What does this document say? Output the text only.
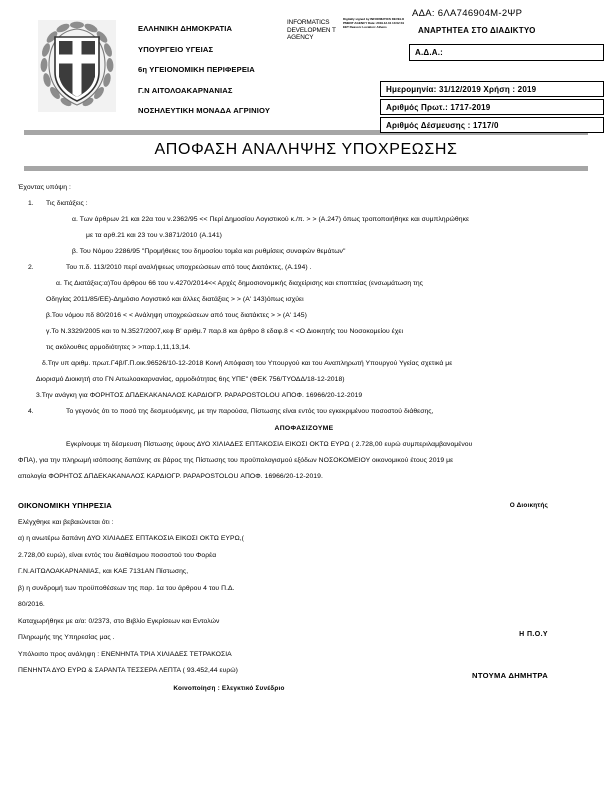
ΑΔΑ: 6ΛΑ746904Μ-2ΨΡ
ΑΝΑΡΤΗΤΕΑ ΣΤΟ ΔΙΑΔΙΚΤΥΟ
ΕΛΛΗΝΙΚΗ ΔΗΜΟΚΡΑΤΙΑ
ΥΠΟΥΡΓΕΙΟ ΥΓΕΙΑΣ
6η ΥΓΕΙΟΝΟΜΙΚΗ ΠΕΡΙΦΕΡΕΙΑ
Γ.Ν ΑΙΤΟΛΟΑΚΑΡΝΑΝΙΑΣ
ΝΟΣΗΛΕΥΤΙΚΗ ΜΟΝΑΔΑ ΑΓΡΙΝΙΟΥ
INFORMATICS DEVELOPMEN T AGENCY
Digitally signed by INFORMATICS DEVELOPMENT AGENCY Date: 2019.12.31 13:02:31 EET Reason: Location: Athens
Α.Δ.Α.:
Ημερομηνία: 31/12/2019 Χρήση : 2019
Αριθμός Πρωτ.: 1717-2019
Αριθμός Δέσμευσης : 1717/0
ΑΠΟΦΑΣΗ ΑΝΑΛΗΨΗΣ ΥΠΟΧΡΕΩΣΗΣ
Έχοντας υπόψη :
1.	Τις διατάξεις :
α. Των άρθρων 21 και 22α του ν.2362/95 << Περί Δημοσίου Λογιστικού κ./π. > > (Α.247) όπως τροποποιήθηκε και συμπληρώθηκε
με τα αρθ.21 και 23 του ν.3871/2010 (Α.141)
β. Του Νόμου 2286/95 "Προμήθειες του δημοσίου τομέα και ρυθμίσεις συναφών θεμάτων"
2.	Του π.δ. 113/2010 περί αναλήψεως υποχρεώσεων από τους Διατάκτες, (Α.194) .
α. Τις Διατάξεις:α)Του άρθρου 66 του ν.4270/2014<< Αρχές δημοσιονομικής διαχείρισης και εποπτείας (ενσωμάτωση της
Οδηγίας 2011/85/ΕΕ)-Δημόσιο Λογιστικό και άλλες διατάξεις > > (Α' 143)όπως ισχύει
β.Του νόμου πδ 80/2016 < < Ανάληψη υποχρεώσεων από τους διατάκτες > > (Α' 145)
γ.Το Ν.3329/2005 και το Ν.3527/2007,κεφ Β' αριθμ.7 παρ.8 και άρθρο 8 εδαφ.8 < <Ο Διοικητής του Νοσοκομείου έχει
τις ακόλουθες αρμοδιότητες > >παρ.1,11,13,14.
δ.Την υπ αριθμ. πρωτ.Γ4β/Γ.Π.οικ.96526/10-12-2018 Κοινή Απόφαση του Υπουργού και του Αναπληρωτή Υπουργού Υγείας σχετικά με
Διορισμό Διοικητή στο ΓΝ Αιτωλοακαρνανίας, αρμοδιότητας 6ης ΥΠΕ" (ΦΕΚ 756/ΤΥΟΔΔ/18-12-2018)
3.Την ανάγκη για ΦΟΡΗΤΟΣ ΔΠΔΕΚΑΚΑΝΑΛΟΣ ΚΑΡΔΙΟΓΡ. PAPAPOSTOLOU ΑΠΟΦ. 16966/20-12-2019
4.	Το γεγονός ότι το ποσό της δεσμευόμενης, με την παρούσα, Πίστωσης είναι εντός του εγκεκριμένου ποσοστού διάθεσης,
ΑΠΟΦΑΣΙΖΟΥΜΕ
Εγκρίνουμε τη δέσμευση Πίστωσης ύψους ΔΥΟ ΧΙΛΙΑΔΕΣ ΕΠΤΑΚΟΣΙΑ ΕΙΚΟΣΙ ΟΚΤΩ ΕΥΡΩ ( 2.728,00 ευρώ συμπεριλαμβανομένου
ΦΠΑ), για την πληρωμή ισόποσης δαπάνης σε βάρος της Πίστωσης του προϋπολογισμού εξόδων ΝΟΣΟΚΟΜΕΙΟΥ οικονομικού έτους 2019 με
απολογία ΦΟΡΗΤΟΣ ΔΠΔΕΚΑΚΑΝΑΛΟΣ ΚΑΡΔΙΟΓΡ. PAPAPOSTOLOU ΑΠΟΦ. 16966/20-12-2019.
Ο Διοικητής
Η Π.Ο.Υ
ΝΤΟΥΜΑ ΔΗΜΗΤΡΑ
ΟΙΚΟΝΟΜΙΚΗ ΥΠΗΡΕΣΙΑ
Ελέγχθηκε και βεβαιώνεται ότι :
α) η ανωτέρω δαπάνη ΔΥΟ ΧΙΛΙΑΔΕΣ ΕΠΤΑΚΟΣΙΑ ΕΙΚΟΣΙ ΟΚΤΩ ΕΥΡΩ,(
2.728,00 ευρώ), είναι εντός του διαθέσιμου ποσοστού του Φορέα
Γ.Ν.ΑΙΤΩΛΟΑΚΑΡΝΑΝΙΑΣ, και ΚΑΕ 7131ΑΝ Πίστωσης,
β) η συνδρομή των προϋποθέσεων της παρ. 1α του άρθρου 4 του Π.Δ.
80/2016.
Καταχωρήθηκε με α/α: 0/2373, στο Βιβλίο Εγκρίσεων και Εντολών
Πληρωμής της Υπηρεσίας μας .
Υπόλοιπο προς ανάληψη : ΕΝΕΝΗΝΤΑ ΤΡΙΑ ΧΙΛΙΑΔΕΣ ΤΕΤΡΑΚΟΣΙΑ
ΠΕΝΗΝΤΑ ΔΥΟ ΕΥΡΩ & ΣΑΡΑΝΤΑ ΤΕΣΣΕΡΑ ΛΕΠΤΑ ( 93.452,44 ευρώ)
Κοινοποίηση : Ελεγκτικό Συνέδριο
